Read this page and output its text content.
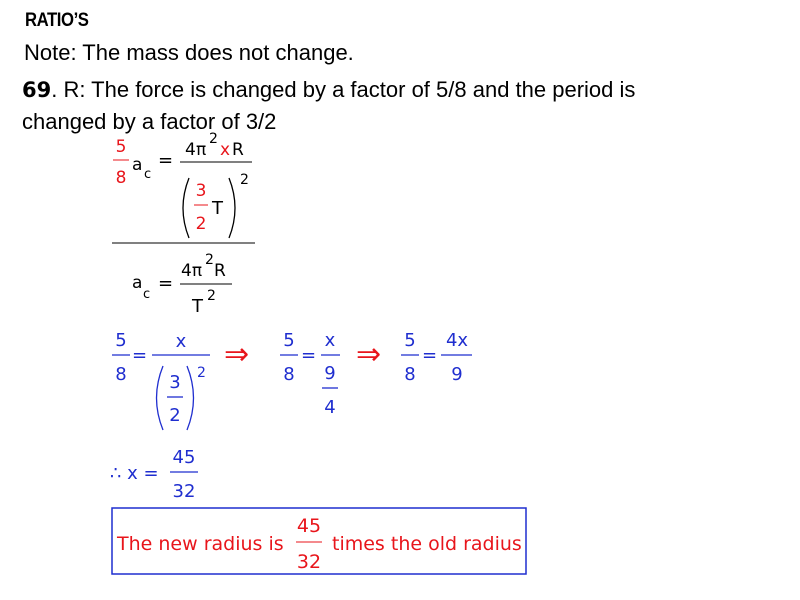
RATIO’S
Note: The mass does not change.
69. R: The force is changed by a factor of 5/8 and the period is changed by a factor of 3/2
5
8
a c
= 4 π
2
x R
3
2
T
2
a
c
=
4π
2
R
T 2
5
8
=
x
3
2
2
⇒ 5
8
=
x
9
4
⇒ 5
8
=
4x
9
∴ x =
45
32
The new radius is
45
32
times the old radius
